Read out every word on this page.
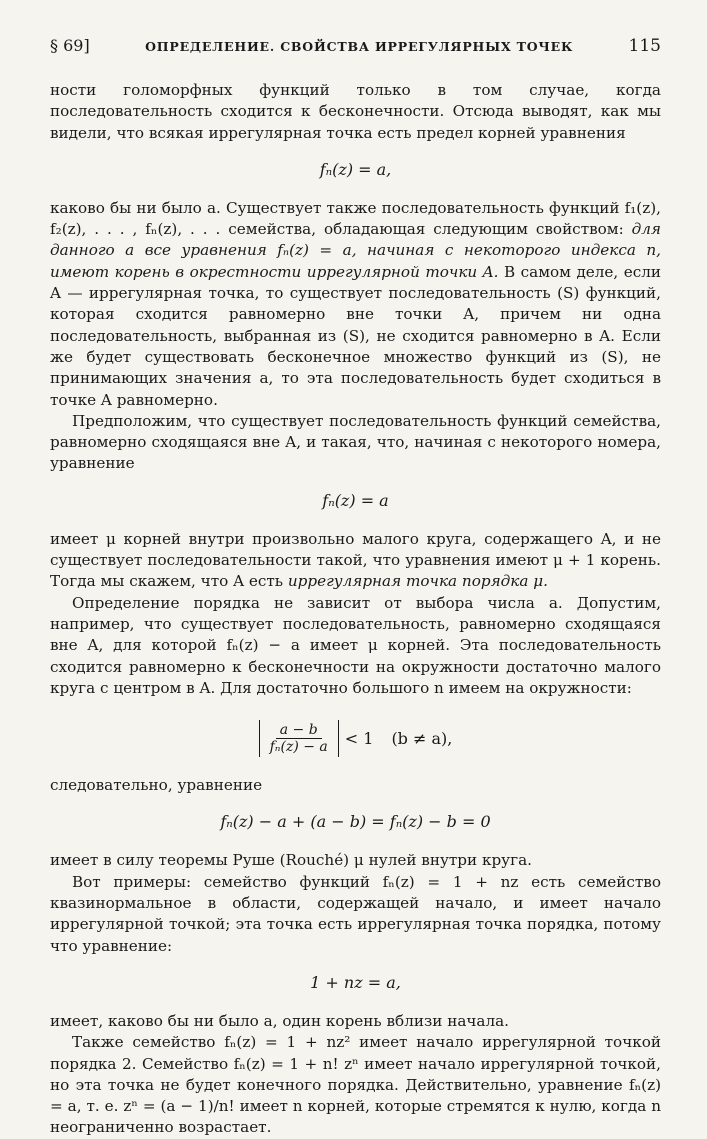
§ 69]	ОПРЕДЕЛЕНИЕ. СВОЙСТВА ИРРЕГУЛЯРНЫХ ТОЧЕК	115

ности голоморфных функций только в том случае, когда последовательность сходится к бесконечности. Отсюда выводят, как мы видели, что всякая иррегулярная точка есть предел корней уравнения

fₙ(z) = a,

каково бы ни было a. Существует также последовательность функций f₁(z), f₂(z), . . . , fₙ(z), . . . семейства, обладающая следующим свойством: для данного a все уравнения fₙ(z) = a, начиная с некоторого индекса n, имеют корень в окрестности иррегулярной точки A. В самом деле, если A — иррегулярная точка, то существует последовательность (S) функций, которая сходится равномерно вне точки A, причем ни одна последовательность, выбранная из (S), не сходится равномерно в A. Если же будет существовать бесконечное множество функций из (S), не принимающих значения a, то эта последовательность будет сходиться в точке A равномерно.

Предположим, что существует последовательность функций семейства, равномерно сходящаяся вне A, и такая, что, начиная с некоторого номера, уравнение

fₙ(z) = a

имеет μ корней внутри произвольно малого круга, содержащего A, и не существует последовательности такой, что уравнения имеют μ + 1 корень. Тогда мы скажем, что A есть иррегулярная точка порядка μ.

Определение порядка не зависит от выбора числа a. Допустим, например, что существует последовательность, равномерно сходящаяся вне A, для которой fₙ(z) − a имеет μ корней. Эта последовательность сходится равномерно к бесконечности на окружности достаточно малого круга с центром в A. Для достаточно большого n имеем на окружности:

$\frac{a - b}{\text{fₙ(z) − a}} < 1$ (b ≠ a),

следовательно, уравнение

fₙ(z) − a + (a − b) = fₙ(z) − b = 0

имеет в силу теоремы Руше (Rouché) μ нулей внутри круга.

Вот примеры: семейство функций fₙ(z) = 1 + nz есть семейство квазинормальное в области, содержащей начало, и имеет начало иррегулярной точкой; эта точка есть иррегулярная точка порядка, потому что уравнение:

1 + nz = a,

имеет, каково бы ни было a, один корень вблизи начала.

Также семейство fₙ(z) = 1 + nz² имеет начало иррегулярной точкой порядка 2. Семейство fₙ(z) = 1 + n! zⁿ имеет начало иррегулярной точкой, но эта точка не будет конечного порядка. Действительно, уравнение fₙ(z) = a, т. е. zⁿ = (a − 1)/n! имеет n корней, которые стремятся к нулю, когда n неограниченно возрастает.
